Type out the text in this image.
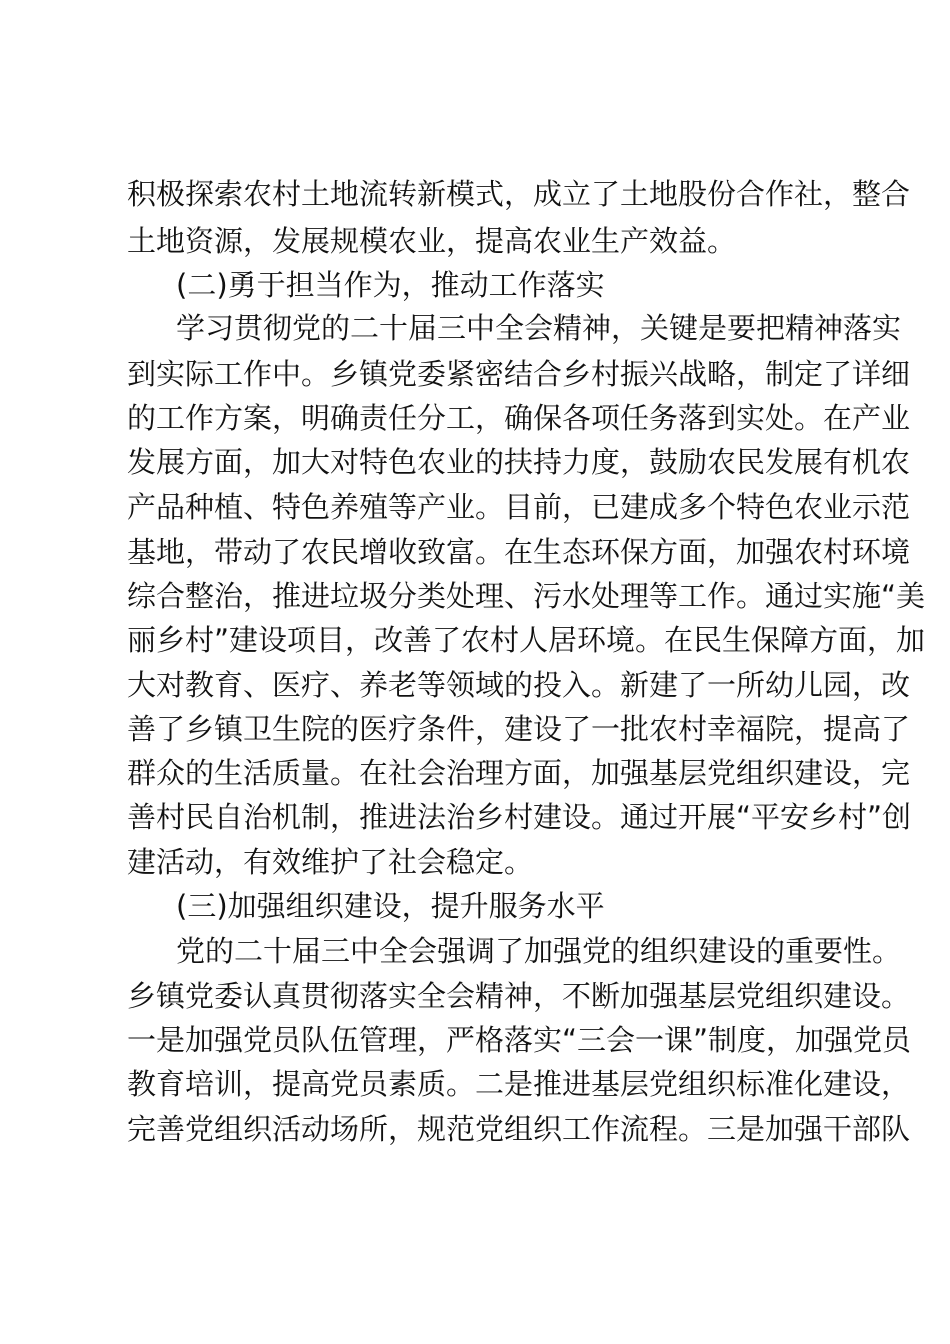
积极探索农村土地流转新模式，成立了土地股份合作社，整合
土地资源，发展规模农业，提高农业生产效益。
(二)勇于担当作为，推动工作落实
学习贯彻党的二十届三中全会精神，关键是要把精神落实
到实际工作中。乡镇党委紧密结合乡村振兴战略，制定了详细
的工作方案，明确责任分工，确保各项任务落到实处。在产业
发展方面，加大对特色农业的扶持力度，鼓励农民发展有机农
产品种植、特色养殖等产业。目前，已建成多个特色农业示范
基地，带动了农民增收致富。在生态环保方面，加强农村环境
综合整治，推进垃圾分类处理、污水处理等工作。通过实施“美
丽乡村”建设项目，改善了农村人居环境。在民生保障方面，加
大对教育、医疗、养老等领域的投入。新建了一所幼儿园，改
善了乡镇卫生院的医疗条件，建设了一批农村幸福院，提高了
群众的生活质量。在社会治理方面，加强基层党组织建设，完
善村民自治机制，推进法治乡村建设。通过开展“平安乡村”创
建活动，有效维护了社会稳定。
(三)加强组织建设，提升服务水平
党的二十届三中全会强调了加强党的组织建设的重要性。
乡镇党委认真贯彻落实全会精神，不断加强基层党组织建设。
一是加强党员队伍管理，严格落实“三会一课”制度，加强党员
教育培训，提高党员素质。二是推进基层党组织标准化建设，
完善党组织活动场所，规范党组织工作流程。三是加强干部队
